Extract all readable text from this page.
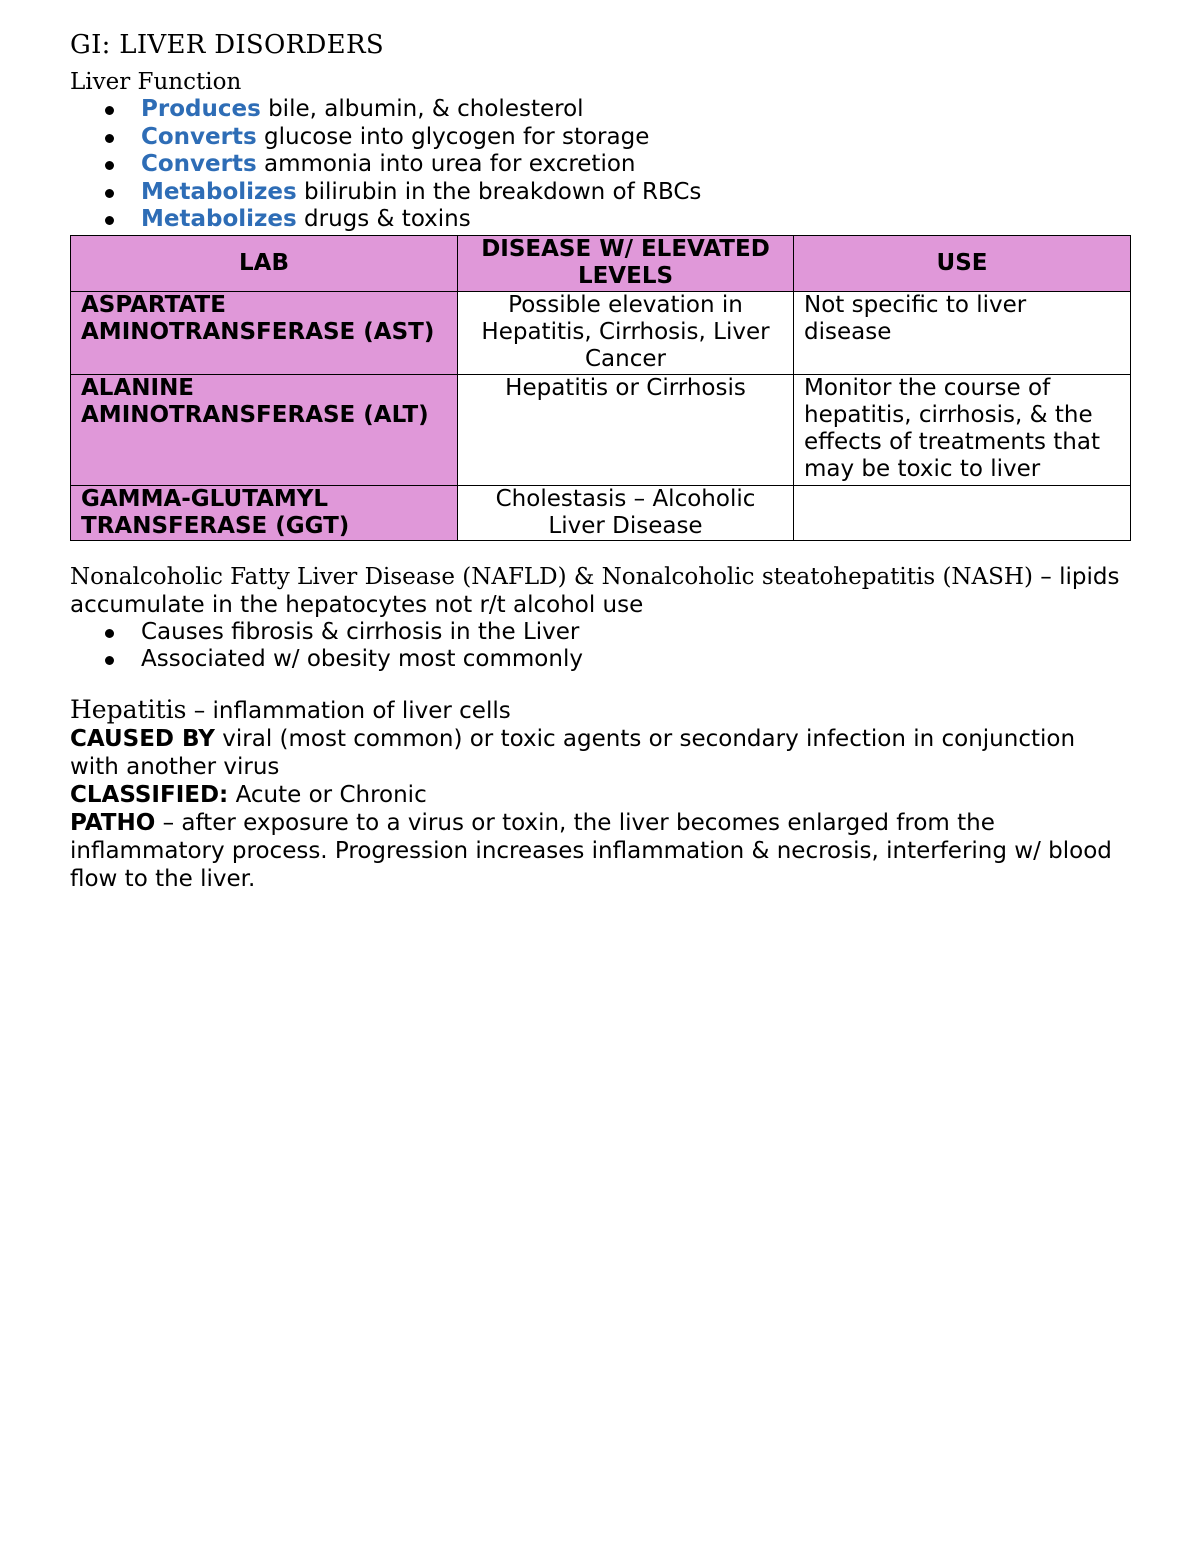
GI: LIVER DISORDERS
Liver Function
Produces bile, albumin, & cholesterol
Converts glucose into glycogen for storage
Converts ammonia into urea for excretion
Metabolizes bilirubin in the breakdown of RBCs
Metabolizes drugs & toxins
LAB	DISEASE W/ ELEVATED LEVELS	USE
ASPARTATE AMINOTRANSFERASE (AST)	Possible elevation in Hepatitis, Cirrhosis, Liver Cancer	Not specific to liver disease
ALANINE AMINOTRANSFERASE (ALT)	Hepatitis or Cirrhosis	Monitor the course of hepatitis, cirrhosis, & the effects of treatments that may be toxic to liver
GAMMA-GLUTAMYL TRANSFERASE (GGT)	Cholestasis – Alcoholic Liver Disease	

Nonalcoholic Fatty Liver Disease (NAFLD) & Nonalcoholic steatohepatitis (NASH) – lipids accumulate in the hepatocytes not r/t alcohol use

Causes fibrosis & cirrhosis in the Liver
Associated w/ obesity most commonly

Hepatitis – inflammation of liver cells

CAUSED BY viral (most common) or toxic agents or secondary infection in conjunction with another virus

CLASSIFIED: Acute or Chronic

PATHO – after exposure to a virus or toxin, the liver becomes enlarged from the inflammatory process. Progression increases inflammation & necrosis, interfering w/ blood flow to the liver.
